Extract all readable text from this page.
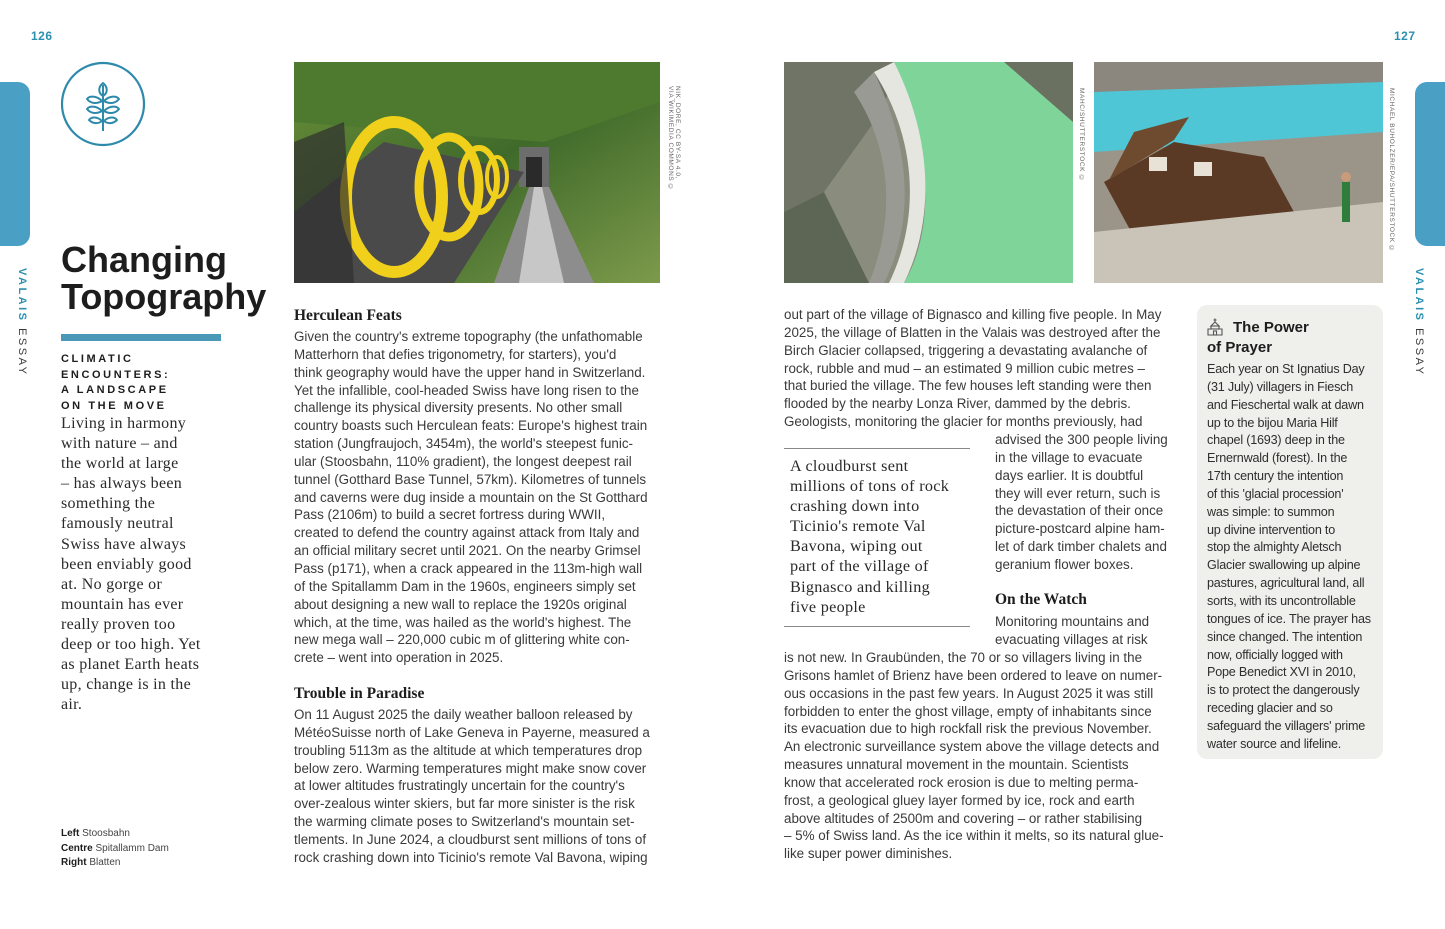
126	127
VALAIS ESSAY
VALAIS ESSAY
Changing
Topography
CLIMATIC
ENCOUNTERS:
A LANDSCAPE
ON THE MOVE
Living in harmony
with nature – and
the world at large
– has always been
something the
famously neutral
Swiss have always
been enviably good
at. No gorge or
mountain has ever
really proven too
deep or too high. Yet
as planet Earth heats
up, change is in the
air.
Left Stoosbahn
Centre Spitallamm Dam
Right Blatten
NIK_DORE, CC BY-SA 4.0,
VIA WIKIMEDIA COMMONS ©	MAHC/SHUTTERSTOCK ©	MICHAEL BUHOLZER/EPA/SHUTTERSTOCK ©
Herculean Feats

Given the country's extreme topography (the unfathomable

Matterhorn that defies trigonometry, for starters), you'd

think geography would have the upper hand in Switzerland.

Yet the infallible, cool-headed Swiss have long risen to the

challenge its physical diversity presents. No other small

country boasts such Herculean feats: Europe's highest train

station (Jungfraujoch, 3454m), the world's steepest funic-

ular (Stoosbahn, 110% gradient), the longest deepest rail

tunnel (Gotthard Base Tunnel, 57km). Kilometres of tunnels

and caverns were dug inside a mountain on the St Gotthard

Pass (2106m) to build a secret fortress during WWII,

created to defend the country against attack from Italy and

an official military secret until 2021. On the nearby Grimsel

Pass (p171), when a crack appeared in the 113m-high wall

of the Spitallamm Dam in the 1960s, engineers simply set

about designing a new wall to replace the 1920s original

which, at the time, was hailed as the world's highest. The

new mega wall – 220,000 cubic m of glittering white con-

crete – went into operation in 2025.

Trouble in Paradise

On 11 August 2025 the daily weather balloon released by

MétéoSuisse north of Lake Geneva in Payerne, measured a

troubling 5113m as the altitude at which temperatures drop

below zero. Warming temperatures might make snow cover

at lower altitudes frustratingly uncertain for the country's

over-zealous winter skiers, but far more sinister is the risk

the warming climate poses to Switzerland's mountain set-

tlements. In June 2024, a cloudburst sent millions of tons of

rock crashing down into Ticinio's remote Val Bavona, wiping

out part of the village of Bignasco and killing five people. In May

2025, the village of Blatten in the Valais was destroyed after the

Birch Glacier collapsed, triggering a devastating avalanche of

rock, rubble and mud – an estimated 9 million cubic metres –

that buried the village. The few houses left standing were then

flooded by the nearby Lonza River, dammed by the debris.

Geologists, monitoring the glacier for months previously, had

A cloudburst sent
millions of tons of rock
crashing down into
Ticinio's remote Val
Bavona, wiping out
part of the village of
Bignasco and killing
five people

advised the 300 people living

in the village to evacuate

days earlier. It is doubtful

they will ever return, such is

the devastation of their once

picture-postcard alpine ham-

let of dark timber chalets and

geranium flower boxes.

On the Watch

Monitoring mountains and

evacuating villages at risk

is not new. In Graubünden, the 70 or so villagers living in the

Grisons hamlet of Brienz have been ordered to leave on numer-

ous occasions in the past few years. In August 2025 it was still

forbidden to enter the ghost village, empty of inhabitants since

its evacuation due to high rockfall risk the previous November.

An electronic surveillance system above the village detects and

measures unnatural movement in the mountain. Scientists

know that accelerated rock erosion is due to melting perma-

frost, a geological gluey layer formed by ice, rock and earth

above altitudes of 2500m and covering – or rather stabilising

– 5% of Swiss land. As the ice within it melts, so its natural glue-

like super power diminishes.

The Power
of Prayer
Each year on St Ignatius Day
(31 July) villagers in Fiesch
and Fieschertal walk at dawn
up to the bijou Maria Hilf
chapel (1693) deep in the
Ernernwald (forest). In the
17th century the intention
of this 'glacial procession'
was simple: to summon
up divine intervention to
stop the almighty Aletsch
Glacier swallowing up alpine
pastures, agricultural land, all
sorts, with its uncontrollable
tongues of ice. The prayer has
since changed. The intention
now, officially logged with
Pope Benedict XVI in 2010,
is to protect the dangerously
receding glacier and so
safeguard the villagers' prime
water source and lifeline.
